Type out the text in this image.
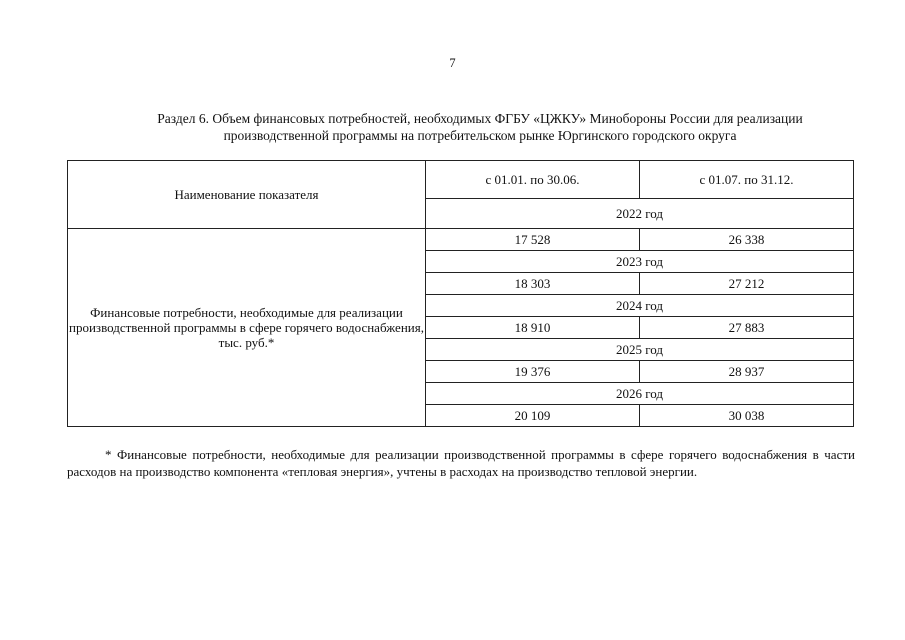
7
Раздел 6. Объем финансовых потребностей, необходимых ФГБУ «ЦЖКУ» Минобороны России для реализации
производственной программы на потребительском рынке Юргинского городского округа
Наименование показателя	с 01.01. по 30.06.	с 01.07. по 31.12.
	2022 год	
Финансовые потребности, необходимые для реализации производственной программы в сфере горячего водоснабжения, тыс. руб.*	17 528	26 338
	2023 год	
	18 303	27 212
	2024 год	
	18 910	27 883
	2025 год	
	19 376	28 937
	2026 год	
	20 109	30 038
* Финансовые потребности, необходимые для реализации производственной программы в сфере горячего водоснабжения в части расходов на производство компонента «тепловая энергия», учтены в расходах на производство тепловой энергии.
